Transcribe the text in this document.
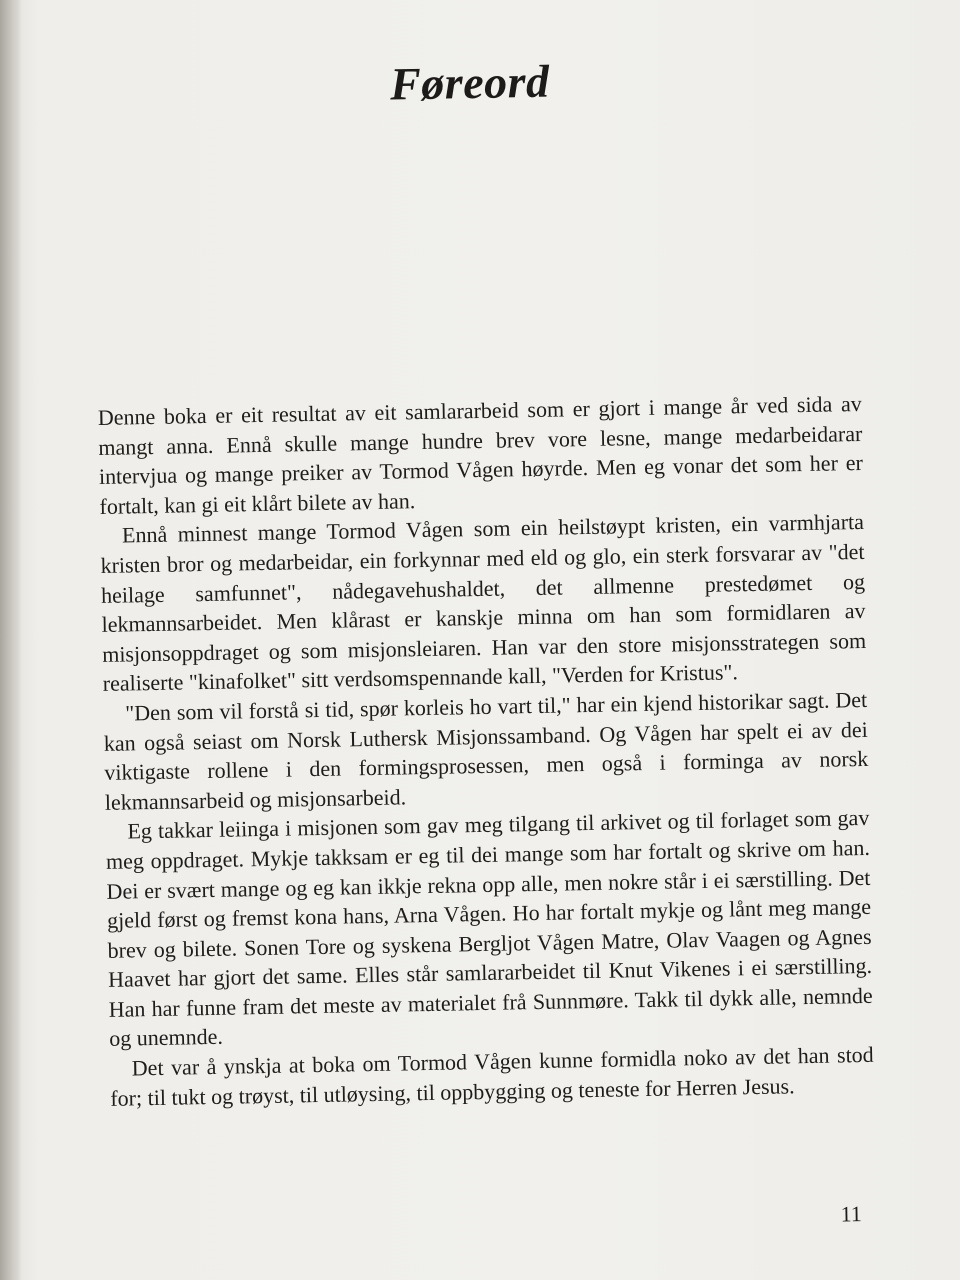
Føreord

Denne boka er eit resultat av eit samlararbeid som er gjort i mange år ved sida av mangt anna. Ennå skulle mange hundre brev vore lesne, mange medarbeidarar intervjua og mange preiker av Tormod Vågen høyrde. Men eg vonar det som her er fortalt, kan gi eit klårt bilete av han.

Ennå minnest mange Tormod Vågen som ein heilstøypt kristen, ein varmhjarta kristen bror og medarbeidar, ein forkynnar med eld og glo, ein sterk forsvarar av "det heilage samfunnet", nådegavehushaldet, det allmenne prestedømet og lekmannsarbeidet. Men klårast er kanskje minna om han som formidlaren av misjonsoppdraget og som misjonsleiaren. Han var den store misjonsstrategen som realiserte "kinafolket" sitt verdsomspennande kall, "Verden for Kristus".

"Den som vil forstå si tid, spør korleis ho vart til," har ein kjend historikar sagt. Det kan også seiast om Norsk Luthersk Misjonssamband. Og Vågen har spelt ei av dei viktigaste rollene i den formingsprosessen, men også i forminga av norsk lekmannsarbeid og misjonsarbeid.

Eg takkar leiinga i misjonen som gav meg tilgang til arkivet og til forlaget som gav meg oppdraget. Mykje takksam er eg til dei mange som har fortalt og skrive om han. Dei er svært mange og eg kan ikkje rekna opp alle, men nokre står i ei særstilling. Det gjeld først og fremst kona hans, Arna Vågen. Ho har fortalt mykje og lånt meg mange brev og bilete. Sonen Tore og syskena Bergljot Vågen Matre, Olav Vaagen og Agnes Haavet har gjort det same. Elles står samlararbeidet til Knut Vikenes i ei særstilling. Han har funne fram det meste av materialet frå Sunnmøre. Takk til dykk alle, nemnde og unemnde.

Det var å ynskja at boka om Tormod Vågen kunne formidla noko av det han stod for; til tukt og trøyst, til utløysing, til oppbygging og teneste for Herren Jesus.

11
